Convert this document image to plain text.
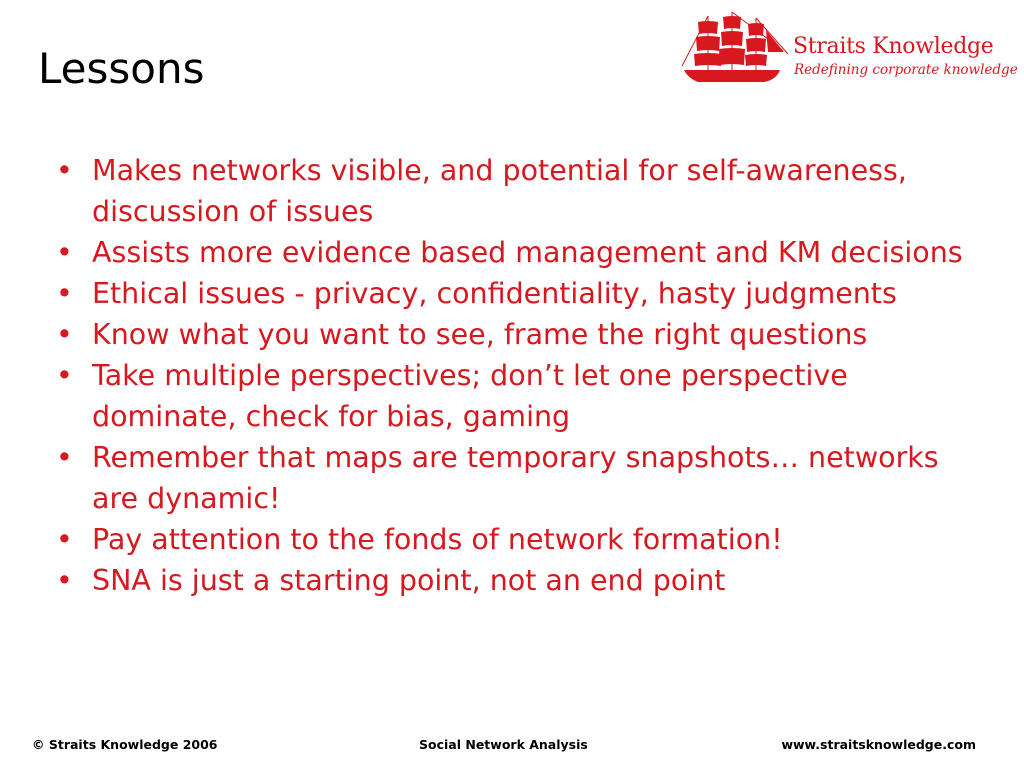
Lessons	Straits Knowledge
Redefining corporate knowledge
• Makes networks visible, and potential for self-awareness, discussion of issues
• Assists more evidence based management and KM decisions
• Ethical issues - privacy, confidentiality, hasty judgments
• Know what you want to see, frame the right questions
• Take multiple perspectives; don’t let one perspective dominate, check for bias, gaming
• Remember that maps are temporary snapshots… networks are dynamic!
• Pay attention to the fonds of network formation!
• SNA is just a starting point, not an end point
© Straits Knowledge 2006	Social Network Analysis	www.straitsknowledge.com
